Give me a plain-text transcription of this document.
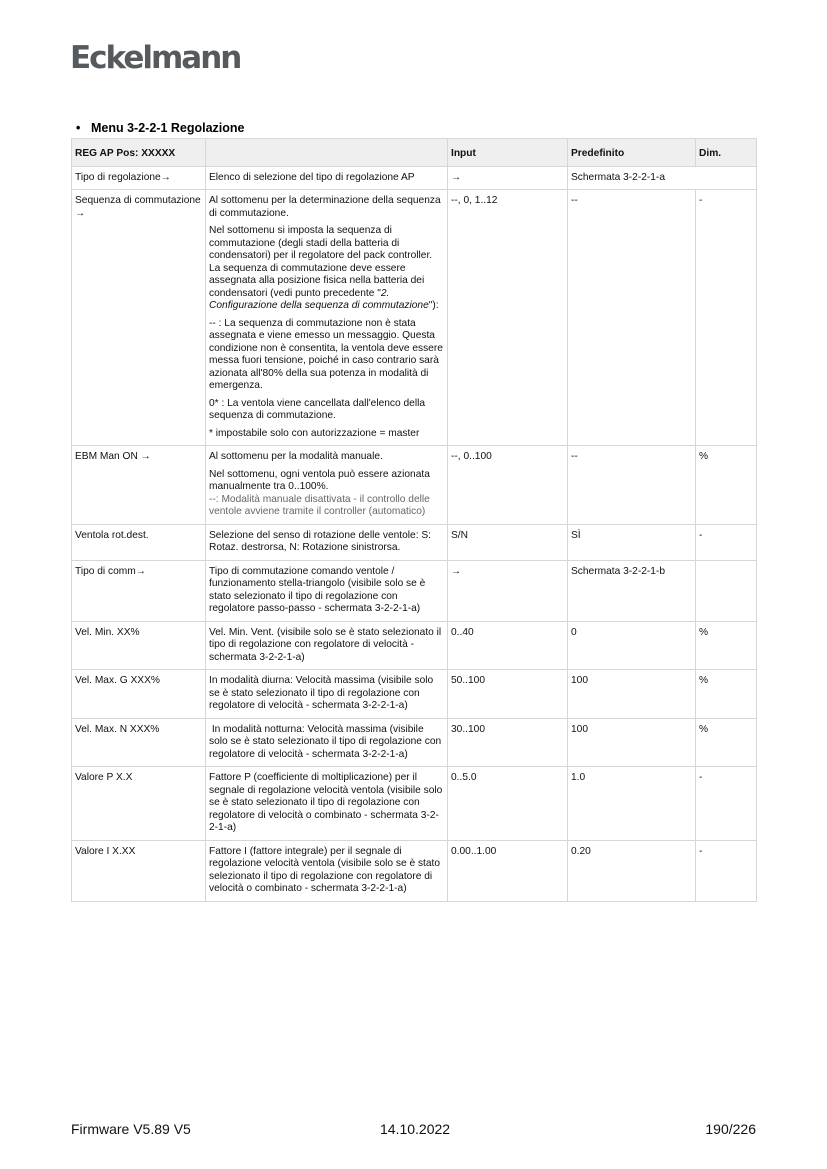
Eckelmann
• Menu 3-2-2-1 Regolazione
REG AP Pos: XXXXX		Input	Predefinito	Dim.
Tipo di regolazione→	Elenco di selezione del tipo di regolazione AP	→	Schermata 3-2-2-1-a	
Sequenza di commutazione →	Al sottomenu per la determinazione della sequenza di commutazione.

Nel sottomenu si imposta la sequenza di commutazione (degli stadi della batteria di condensatori) per il regolatore del pack controller. La sequenza di commutazione deve essere assegnata alla posizione fisica nella batteria dei condensatori (vedi punto precedente "2. Configurazione della sequenza di commutazione"):

-- : La sequenza di commutazione non è stata assegnata e viene emesso un messaggio. Questa condizione non è consentita, la ventola deve essere messa fuori tensione, poiché in caso contrario sarà azionata all'80% della sua potenza in modalità di emergenza.

0* : La ventola viene cancellata dall'elenco della sequenza di commutazione.

* impostabile solo con autorizzazione = master	--, 0, 1..12	--	-
EBM Man ON →	Al sottomenu per la modalità manuale.

Nel sottomenu, ogni ventola può essere azionata manualmente tra 0..100%.

--: Modalità manuale disattivata - il controllo delle ventole avviene tramite il controller (automatico)	--, 0..100	--	%
Ventola rot.dest.	Selezione del senso di rotazione delle ventole: S: Rotaz. destrorsa, N: Rotazione sinistrorsa.	S/N	SÌ	-
Tipo di comm→	Tipo di commutazione comando ventole / funzionamento stella-triangolo (visibile solo se è stato selezionato il tipo di regolazione con regolatore passo-passo - schermata 3-2-2-1-a)	→	Schermata 3-2-2-1-b	
Vel. Min. XX%	Vel. Min. Vent. (visibile solo se è stato selezionato il tipo di regolazione con regolatore di velocità - schermata 3-2-2-1-a)	0..40	0	%
Vel. Max. G XXX%	In modalità diurna: Velocità massima (visibile solo se è stato selezionato il tipo di regolazione con regolatore di velocità - schermata 3-2-2-1-a)	50..100	100	%
Vel. Max. N XXX%	In modalità notturna: Velocità massima (visibile solo se è stato selezionato il tipo di regolazione con regolatore di velocità - schermata 3-2-2-1-a)	30..100	100	%
Valore P X.X	Fattore P (coefficiente di moltiplicazione) per il segnale di regolazione velocità ventola (visibile solo se è stato selezionato il tipo di regolazione con regolatore di velocità o combinato - schermata 3-2-2-1-a)	0..5.0	1.0	-
Valore I X.XX	Fattore I (fattore integrale) per il segnale di regolazione velocità ventola (visibile solo se è stato selezionato il tipo di regolazione con regolatore di velocità o combinato - schermata 3-2-2-1-a)	0.00..1.00	0.20	-
Firmware V5.89 V5	14.10.2022	190/226
